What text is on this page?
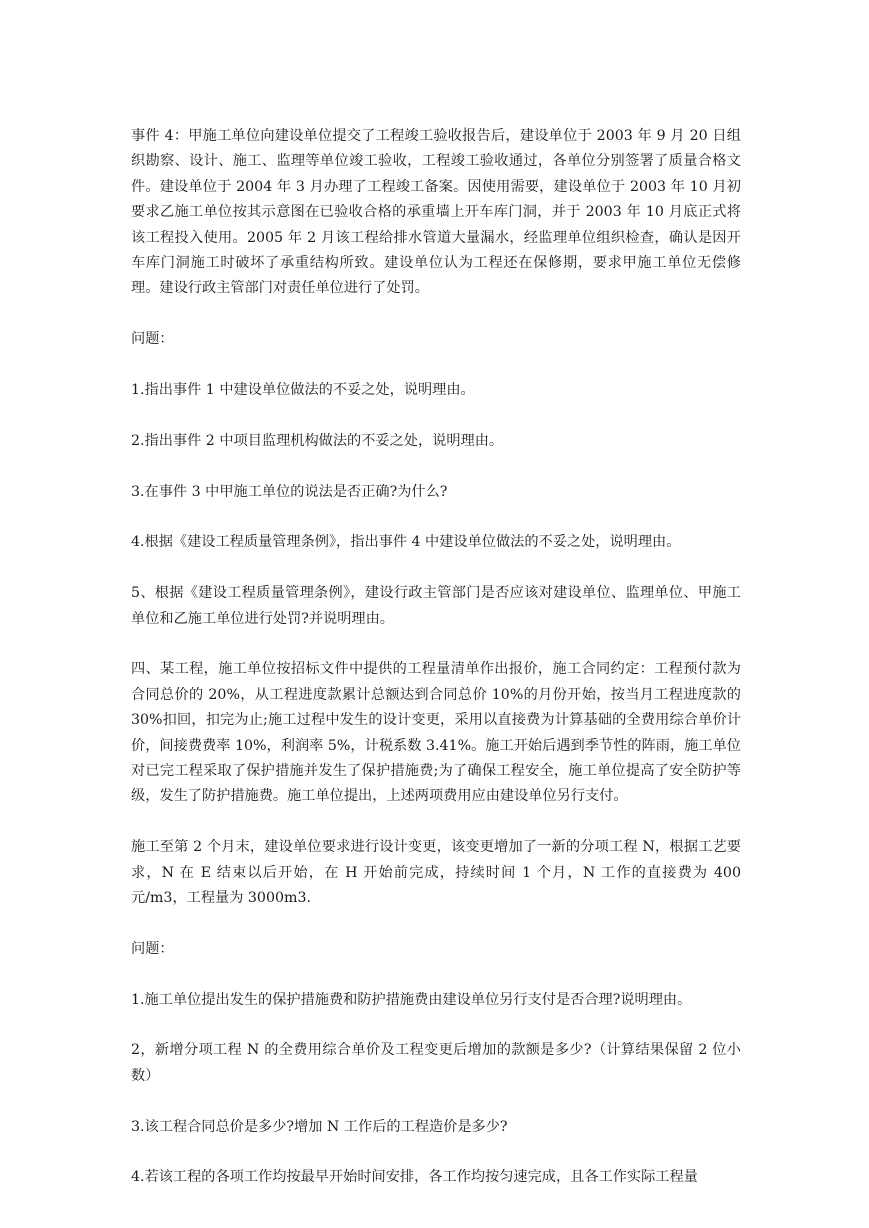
事件 4：甲施工单位向建设单位提交了工程竣工验收报告后，建设单位于 2003 年 9 月 20 日组织勘察、设计、施工、监理等单位竣工验收，工程竣工验收通过，各单位分别签署了质量合格文件。建设单位于 2004 年 3 月办理了工程竣工备案。因使用需要，建设单位于 2003 年 10 月初要求乙施工单位按其示意图在已验收合格的承重墙上开车库门洞，并于 2003 年 10 月底正式将该工程投入使用。2005 年 2 月该工程给排水管道大量漏水，经监理单位组织检查，确认是因开车库门洞施工时破坏了承重结构所致。建设单位认为工程还在保修期，要求甲施工单位无偿修理。建设行政主管部门对责任单位进行了处罚。

问题：

1.指出事件 1 中建设单位做法的不妥之处，说明理由。

2.指出事件 2 中项目监理机构做法的不妥之处，说明理由。

3.在事件 3 中甲施工单位的说法是否正确?为什么?

4.根据《建设工程质量管理条例》，指出事件 4 中建设单位做法的不妥之处，说明理由。

5、根据《建设工程质量管理条例》，建设行政主管部门是否应该对建设单位、监理单位、甲施工单位和乙施工单位进行处罚?并说明理由。

四、某工程，施工单位按招标文件中提供的工程量清单作出报价，施工合同约定：工程预付款为合同总价的 20%，从工程进度款累计总额达到合同总价 10%的月份开始，按当月工程进度款的 30%扣回，扣完为止;施工过程中发生的设计变更，采用以直接费为计算基础的全费用综合单价计价，间接费费率 10%，利润率 5%，计税系数 3.41%。施工开始后遇到季节性的阵雨，施工单位对已完工程采取了保护措施并发生了保护措施费;为了确保工程安全，施工单位提高了安全防护等级，发生了防护措施费。施工单位提出，上述两项费用应由建设单位另行支付。

施工至第 2 个月末，建设单位要求进行设计变更，该变更增加了一新的分项工程 N，根据工艺要求，N 在 E 结束以后开始，在 H 开始前完成，持续时间 1 个月，N 工作的直接费为 400 元/m3，工程量为 3000m3.

问题：

1.施工单位提出发生的保护措施费和防护措施费由建设单位另行支付是否合理?说明理由。

2，新增分项工程 N 的全费用综合单价及工程变更后增加的款额是多少?（计算结果保留 2 位小数）

3.该工程合同总价是多少?增加 N 工作后的工程造价是多少?

4.若该工程的各项工作均按最早开始时间安排，各工作均按匀速完成，且各工作实际工程量
